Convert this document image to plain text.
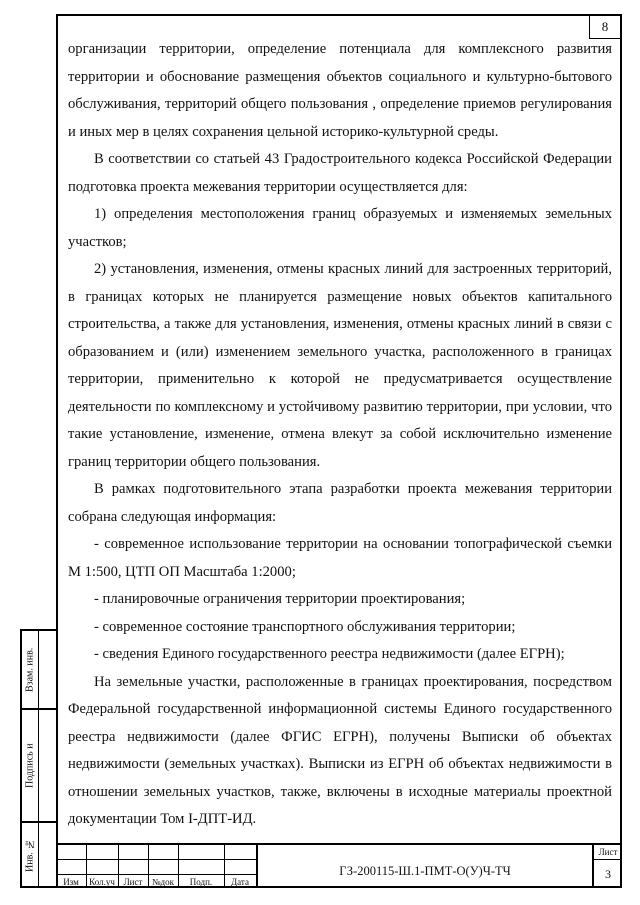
8

организации территории, определение потенциала для комплексного развития территории и обоснование размещения объектов социального и культурно-бытового обслуживания, территорий общего пользования , определение приемов регулирования и иных мер в целях сохранения цельной историко-культурной среды.

В соответствии со статьей 43 Градостроительного кодекса Российской Федерации подготовка проекта межевания территории осуществляется для:

1) определения местоположения границ образуемых и изменяемых земельных участков;

2) установления, изменения, отмены красных линий для застроенных территорий, в границах которых не планируется размещение новых объектов капитального строительства, а также для установления, изменения, отмены красных линий в связи с образованием и (или) изменением земельного участка, расположенного в границах территории, применительно к которой не предусматривается осуществление деятельности по комплексному и устойчивому развитию территории, при условии, что такие установление, изменение, отмена влекут за собой исключительно изменение границ территории общего пользования.

В рамках подготовительного этапа разработки проекта межевания территории собрана следующая информация:

- современное использование территории на основании топографической съемки М 1:500, ЦТП ОП Масштаба 1:2000;

- планировочные ограничения территории проектирования;

- современное состояние транспортного обслуживания территории;

- сведения Единого государственного реестра недвижимости (далее ЕГРН);

На земельные участки, расположенные в границах проектирования, посредством Федеральной государственной информационной системы Единого государственного реестра недвижимости (далее ФГИС ЕГРН), получены Выписки об объектах недвижимости (земельных участках). Выписки из ЕГРН об объектах недвижимости в отношении земельных участков, также, включены в исходные материалы проектной документации Том I-ДПТ-ИД.

Взам. инв.
Подпись и
Инв. №
Изм	Кол.уч Лист	№док	Подп.	Дата
ГЗ-200115-Ш.1-ПМТ-О(У)Ч-ТЧ
Лист
3
